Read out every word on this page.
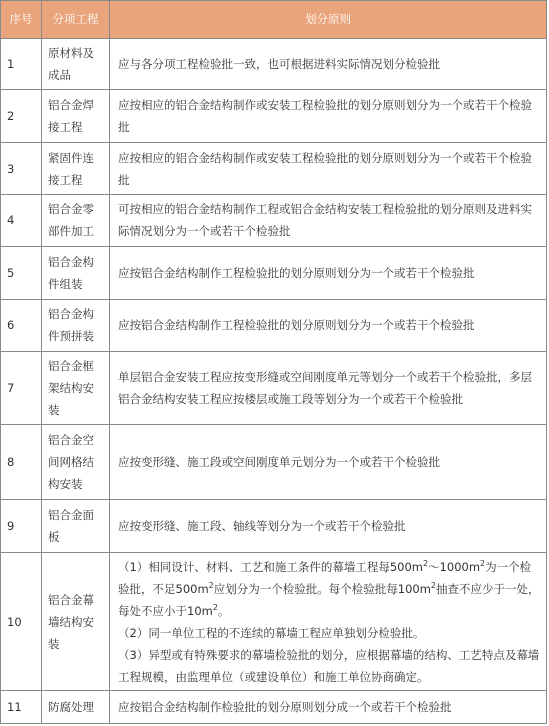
序号	分项工程	划分原则
1	原材料及成品	应与各分项工程检验批一致，也可根据进料实际情况划分检验批
2	铝合金焊接工程	应按相应的铝合金结构制作或安装工程检验批的划分原则划分为一个或若干个检验批
3	紧固件连接工程	应按相应的铝合金结构制作或安装工程检验批的划分原则划分为一个或若干个检验批
4	铝合金零部件加工	可按相应的铝合金结构制作工程或铝合金结构安装工程检验批的划分原则及进料实际情况划分为一个或若干个检验批
5	铝合金构件组装	应按铝合金结构制作工程检验批的划分原则划分为一个或若干个检验批
6	铝合金构件预拼装	应按铝合金结构制作工程检验批的划分原则划分为一个或若干个检验批
7	铝合金框架结构安装	单层铝合金安装工程应按变形缝或空间刚度单元等划分一个或若干个检验批，多层铝合金结构安装工程应按楼层或施工段等划分为一个或若干个检验批
8	铝合金空间网格结构安装	应按变形缝、施工段或空间刚度单元划分为一个或若干个检验批
9	铝合金面板	应按变形缝、施工段、轴线等划分为一个或若干个检验批
10	铝合金幕墙结构安装	（1）相同设计、材料、工艺和施工条件的幕墙工程每$500m^2\sim 1000m^2$为一个检验批，不足$500m^2$应划分为一个检验批。每个检验批每$100m^2$抽查不应少于一处，每处不应小于$10m^2$。
（2）同一单位工程的不连续的幕墙工程应单独划分检验批。
（3）异型或有特殊要求的幕墙检验批的划分，应根据幕墙的结构、工艺特点及幕墙工程规模，由监理单位（或建设单位）和施工单位协商确定。

11	防腐处理	应按铝合金结构制作检验批的划分原则划分成一个或若干个检验批
